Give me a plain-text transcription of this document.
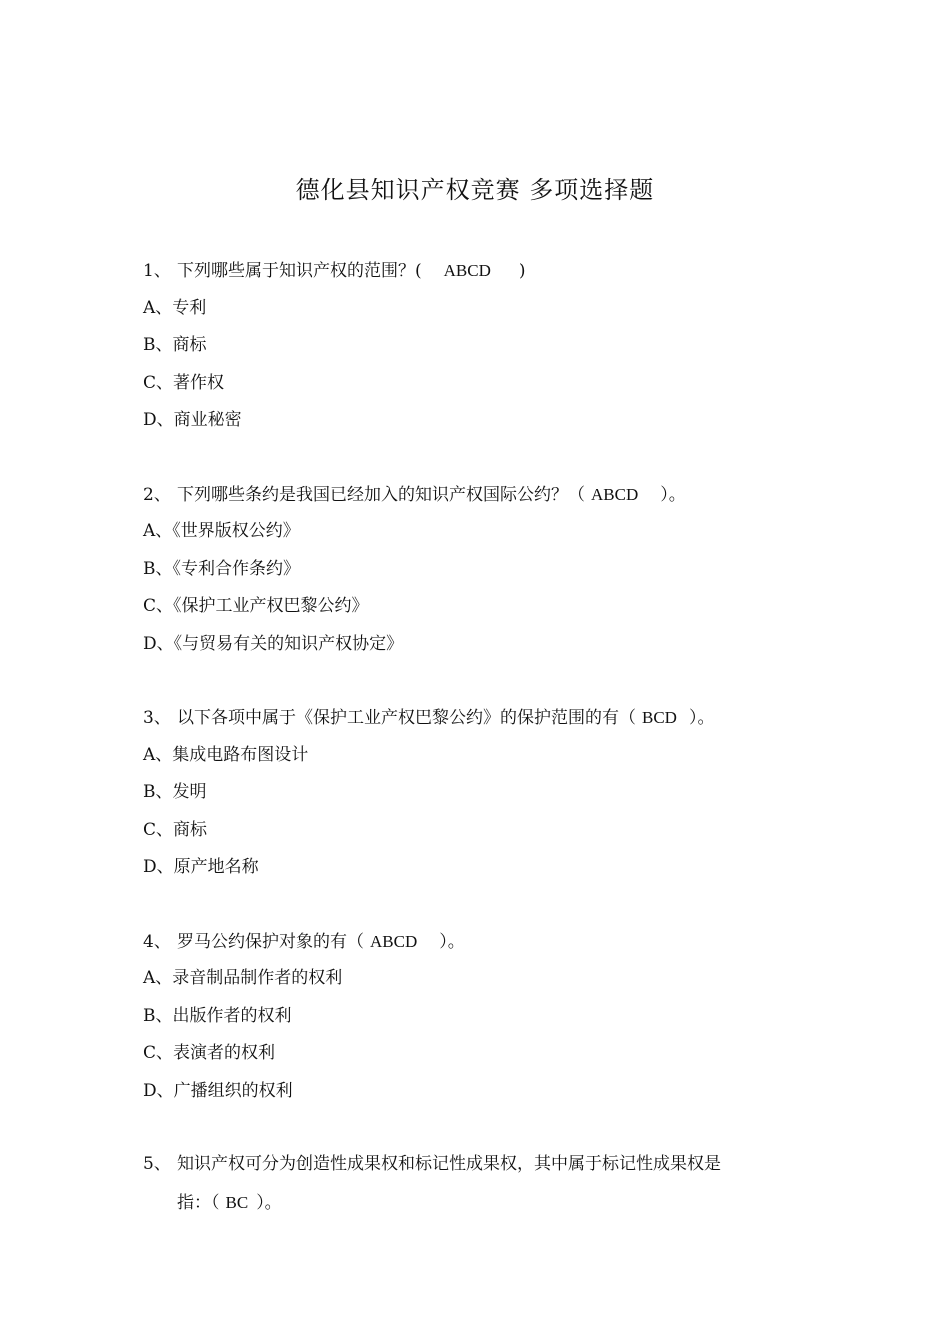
德化县知识产权竞赛 多项选择题
1、 下列哪些属于知识产权的范围？( ABCD )
A、专利
B、商标
C、著作权
D、商业秘密
2、 下列哪些条约是我国已经加入的知识产权国际公约？（ ABCD ）。
A、《世界版权公约》
B、《专利合作条约》
C、《保护工业产权巴黎公约》
D、《与贸易有关的知识产权协定》
3、 以下各项中属于《保护工业产权巴黎公约》的保护范围的有（ BCD ）。
A、集成电路布图设计
B、发明
C、商标
D、原产地名称
4、 罗马公约保护对象的有（ ABCD ）。
A、录音制品制作者的权利
B、出版作者的权利
C、表演者的权利
D、广播组织的权利
5、 知识产权可分为创造性成果权和标记性成果权，其中属于标记性成果权是
指：（ BC ）。
